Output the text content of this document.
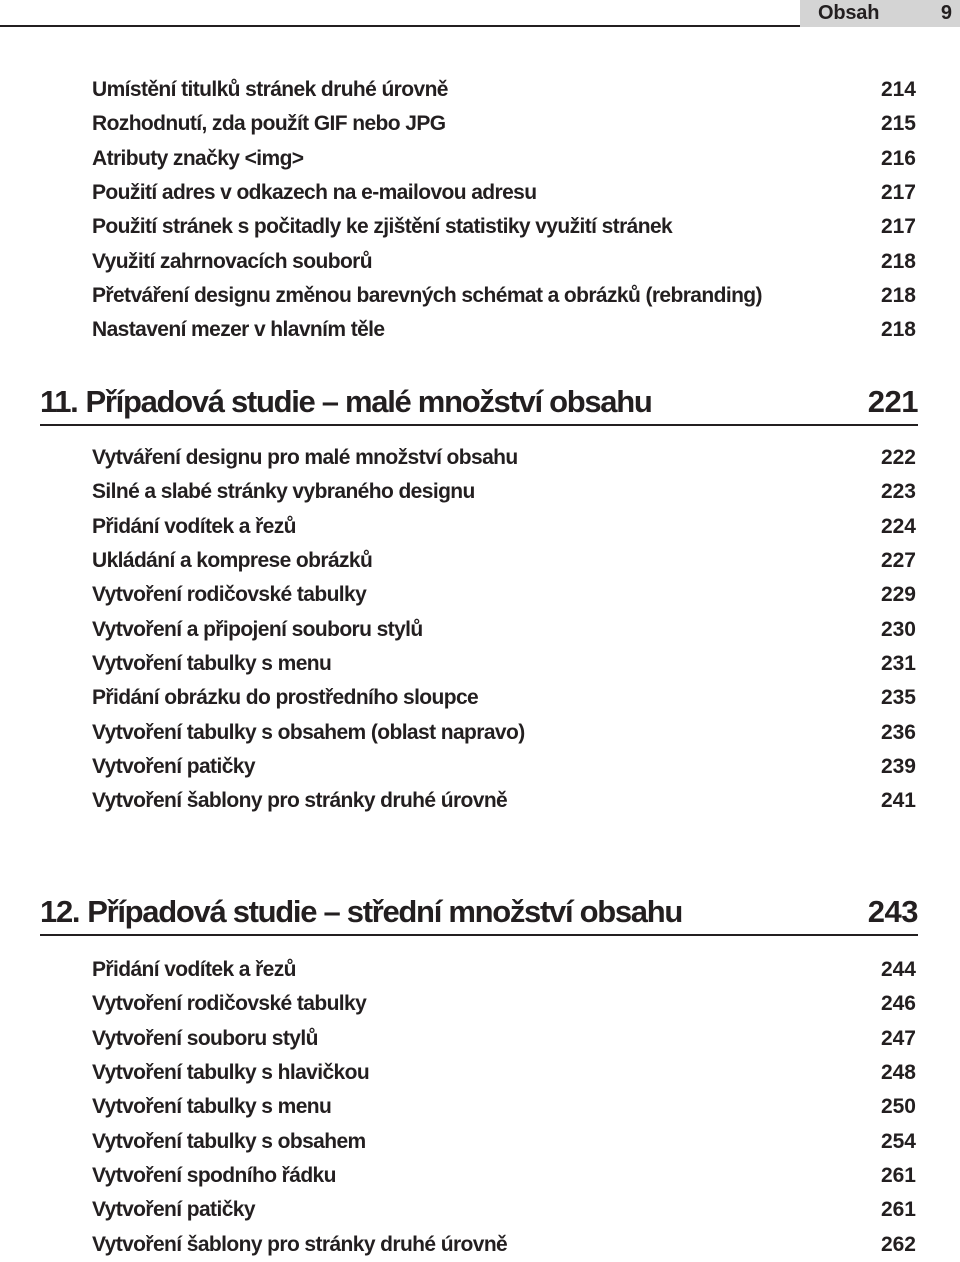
Obsah	9
Umístění titulků stránek druhé úrovně	214
Rozhodnutí, zda použít GIF nebo JPG	215
Atributy značky <img>	216
Použití adres v odkazech na e-mailovou adresu	217
Použití stránek s počitadly ke zjištění statistiky využití stránek	217
Využití zahrnovacích souborů	218
Přetváření designu změnou barevných schémat a obrázků (rebranding)	218
Nastavení mezer v hlavním těle	218
11. Případová studie – malé množství obsahu	221
Vytváření designu pro malé množství obsahu	222
Silné a slabé stránky vybraného designu	223
Přidání vodítek a řezů	224
Ukládání a komprese obrázků	227
Vytvoření rodičovské tabulky	229
Vytvoření a připojení souboru stylů	230
Vytvoření tabulky s menu	231
Přidání obrázku do prostředního sloupce	235
Vytvoření tabulky s obsahem (oblast napravo)	236
Vytvoření patičky	239
Vytvoření šablony pro stránky druhé úrovně	241
12. Případová studie – střední množství obsahu	243
Přidání vodítek a řezů	244
Vytvoření rodičovské tabulky	246
Vytvoření souboru stylů	247
Vytvoření tabulky s hlavičkou	248
Vytvoření tabulky s menu	250
Vytvoření tabulky s obsahem	254
Vytvoření spodního řádku	261
Vytvoření patičky	261
Vytvoření šablony pro stránky druhé úrovně	262
